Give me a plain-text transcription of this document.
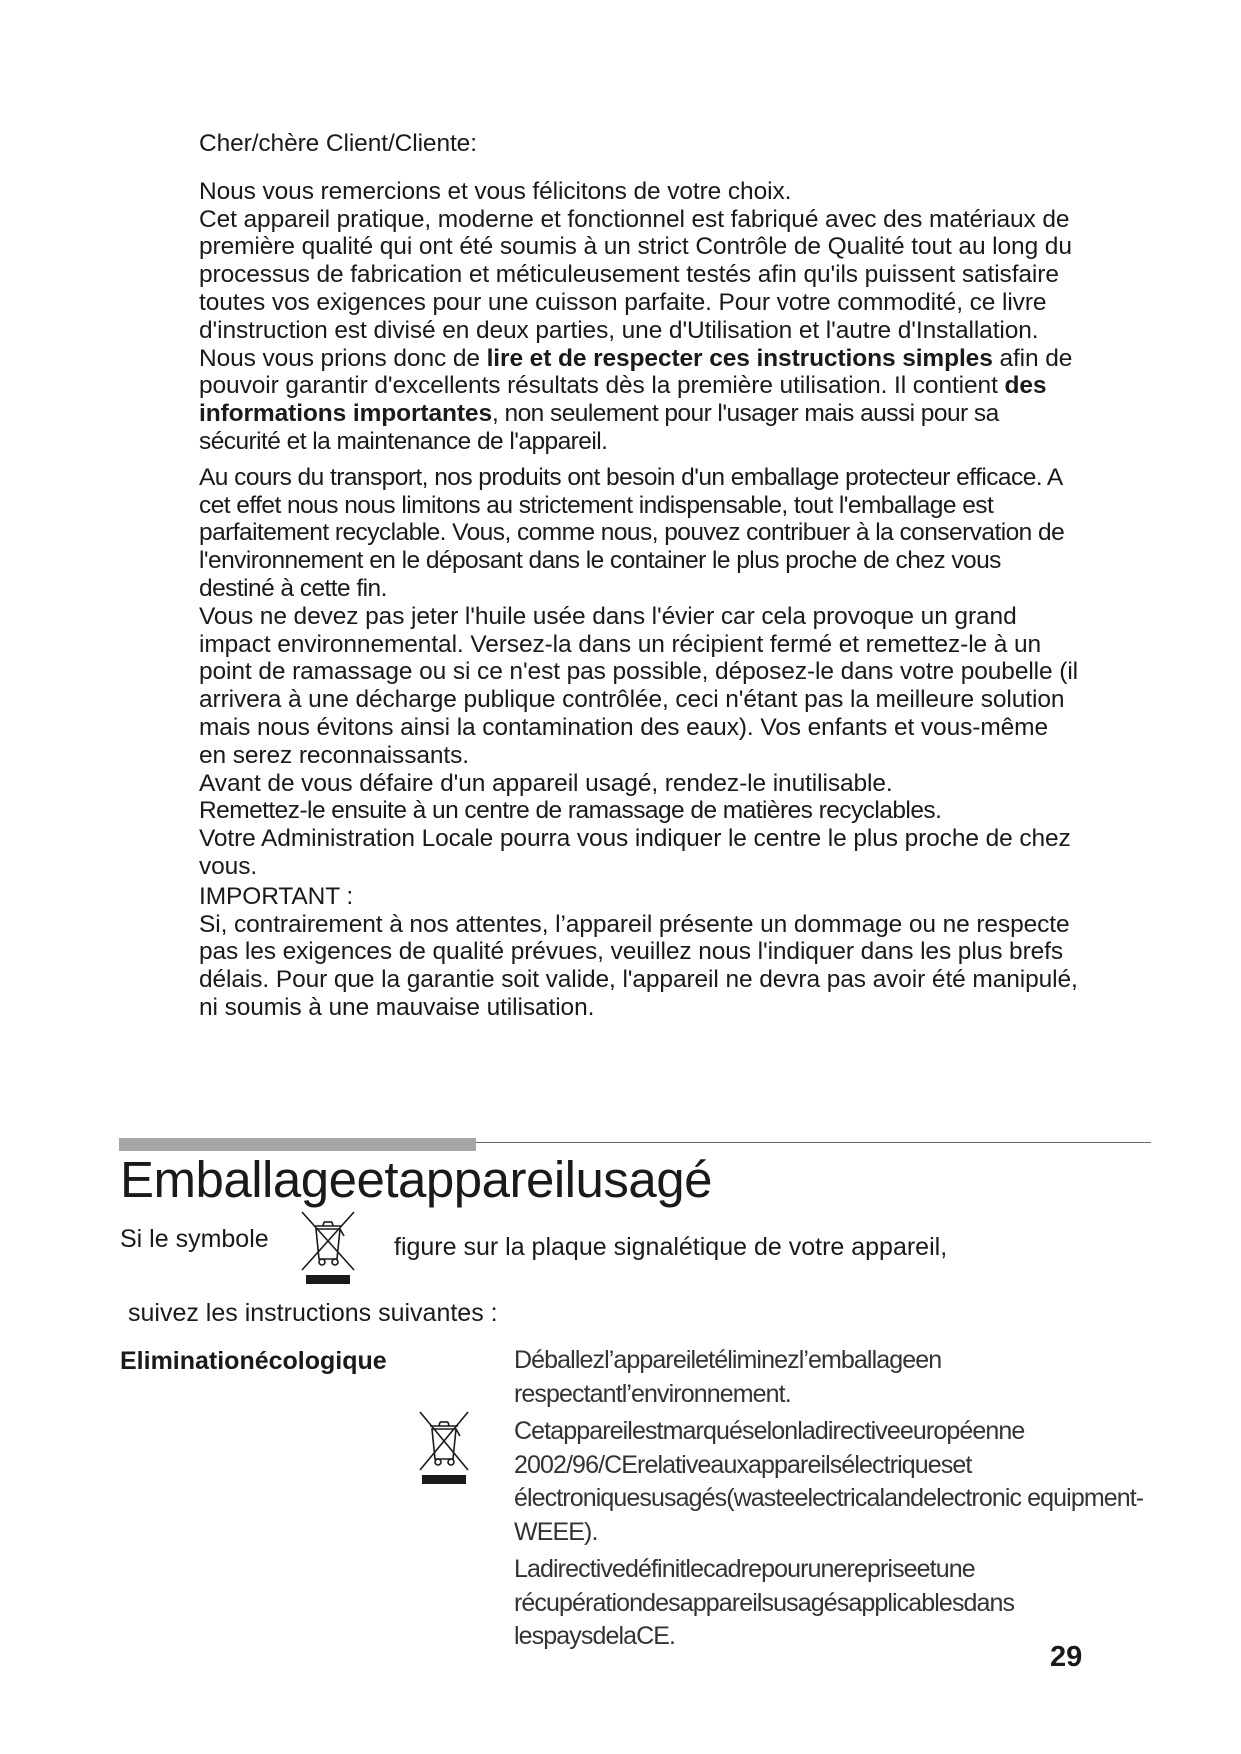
Cher/chère Client/Cliente:

Nous vous remercions et vous félicitons de votre choix.

Cet appareil pratique, moderne et fonctionnel est fabriqué avec des matériaux de première qualité qui ont été soumis à un strict Contrôle de Qualité tout au long du processus de fabrication et méticuleusement testés afin qu'ils puissent satisfaire toutes vos exigences pour une cuisson parfaite. Pour votre commodité, ce livre d'instruction est divisé en deux parties, une d'Utilisation et l'autre d'Installation.

Nous vous prions donc de lire et de respecter ces instructions simples afin de pouvoir garantir d'excellents résultats dès la première utilisation. Il contient des informations importantes, non seulement pour l'usager mais aussi pour sa sécurité et la maintenance de l'appareil.

Au cours du transport, nos produits ont besoin d'un emballage protecteur efficace. A cet effet nous nous limitons au strictement indispensable, tout l'emballage est parfaitement recyclable. Vous, comme nous, pouvez contribuer à la conservation de l'environnement en le déposant dans le container le plus proche de chez vous destiné à cette fin.

Vous ne devez pas jeter l'huile usée dans l'évier car cela provoque un grand impact environnemental. Versez-la dans un récipient fermé et remettez-le à un point de ramassage ou si ce n'est pas possible, déposez-le dans votre poubelle (il arrivera à une décharge publique contrôlée, ceci n'étant pas la meilleure solution mais nous évitons ainsi la contamination des eaux). Vos enfants et vous-même en serez reconnaissants.

Avant de vous défaire d'un appareil usagé, rendez-le inutilisable.

Remettez-le ensuite à un centre de ramassage de matières recyclables.

Votre Administration Locale pourra vous indiquer le centre le plus proche de chez vous.

IMPORTANT :

Si, contrairement à nos attentes, l’appareil présente un dommage ou ne respecte pas les exigences de qualité prévues, veuillez nous l'indiquer dans les plus brefs délais. Pour que la garantie soit valide, l'appareil ne devra pas avoir été manipulé, ni soumis à une mauvaise utilisation.

Emballageetappareilusagé
Si le symbole	figure sur la plaque signalétique de votre appareil,
suivez les instructions suivantes :
Eliminationécologique	Déballezl’appareiletéliminezl’emballageen respectantl’environnement.

Cetappareilestmarquéselonladirectiveeuropéenne 2002/96/CErelativeauxappareilsélectriqueset électroniquesusagés(wasteelectricalandelectronic equipment-WEEE).

Ladirectivedéfinitlecadrepourunerepriseetune récupérationdesappareilsusagésapplicablesdans lespaysdelaCE.

29
